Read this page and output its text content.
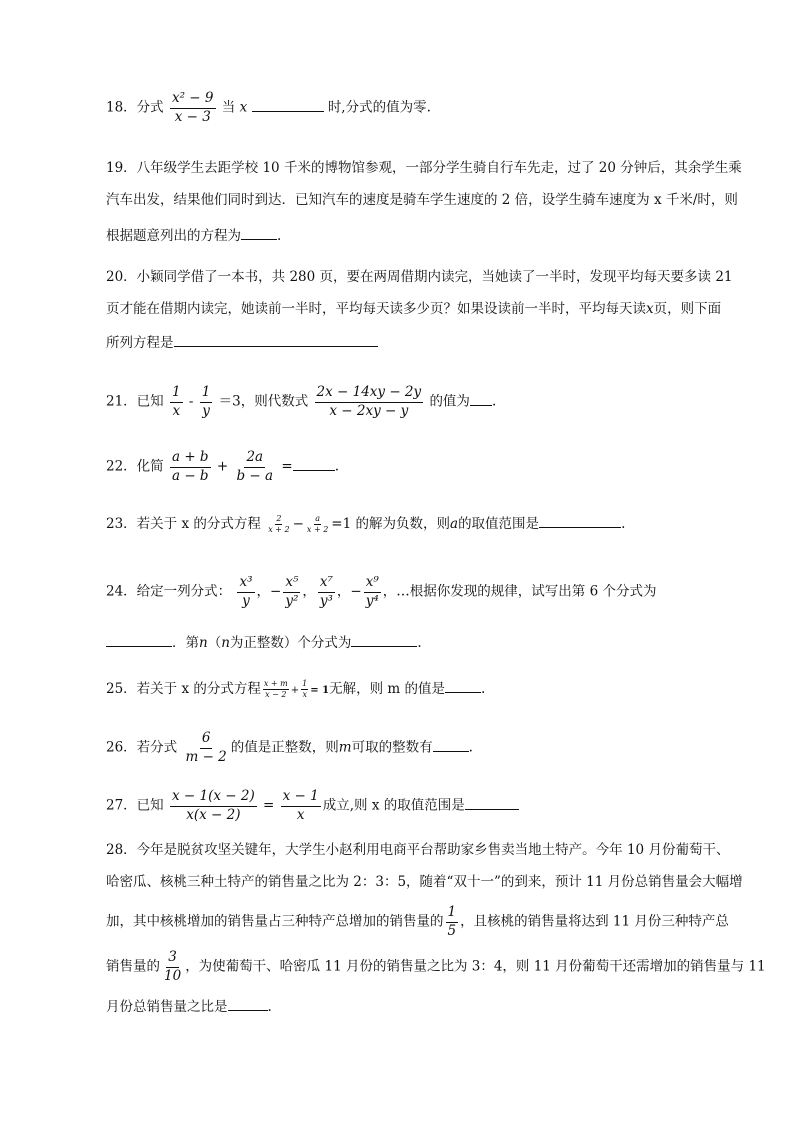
18．分式 $\frac{\text{x² − 9}}{x - 3}$ 当 x	时,分式的值为零.
19．八年级学生去距学校 10 千米的博物馆参观，一部分学生骑自行车先走，过了 20 分钟后，其余学生乘
汽车出发，结果他们同时到达．已知汽车的速度是骑车学生速度的 2 倍，设学生骑车速度为 x 千米/时，则
根据题意列出的方程为	.
20．小颖同学借了一本书，共 280 页，要在两周借期内读完，当她读了一半时，发现平均每天要多读 21
页才能在借期内读完，她读前一半时，平均每天读多少页？如果设读前一半时，平均每天读x页，则下面
所列方程是
21．已知 $\frac{1}{x} - \frac{1}{y} =3$，则代数式 $\frac{2x - 14xy - 2y}{x - 2xy - y}$ 的值为 .
22．化简 $\frac{a + b}{a - b} + \frac{2a}{b - a}$ =	.
23．若关于 x 的分式方程 $\frac{2}{x + 2} - \frac{a}{x + 2} =1$ 的解为负数，则a的取值范围是	.
24．给定一列分式： $\frac{\text{x³}}{y}$ ，− $\frac{\text{x⁵}}{\text{y²}}$ ， $\frac{\text{x⁷}}{\text{y³}}$ ，− $\frac{\text{x⁹}}{\text{y⁴}}$ ，…根据你发现的规律，试写出第 6 个分式为
．第n（n为正整数）个分式为	.
25．若关于 x 的分式方程 $\frac{x + m}{x - 2} + \frac{1}{x} = 1$无解，则 m 的值是	.
26．若分式 $\frac{6}{m - 2}$ 的值是正整数，则m可取的整数有	.
27．已知 $\frac{x - 1(x - 2)}{x(x - 2)} = \frac{x - 1}{x}$ 成立,则 x 的取值范围是
28．今年是脱贫攻坚关键年，大学生小赵利用电商平台帮助家乡售卖当地土特产。今年 10 月份葡萄干、
哈密瓜、核桃三种土特产的销售量之比为 2：3：5，随着“双十一”的到来，预计 11 月份总销售量会大幅增
加，其中核桃增加的销售量占三种特产总增加的销售量的 $\frac{1}{5}$ ，且核桃的销售量将达到 11 月份三种特产总
销售量的 $\frac{3}{10}$ ，为使葡萄干、哈密瓜 11 月份的销售量之比为 3：4，则 11 月份葡萄干还需增加的销售量与 11
月份总销售量之比是	.
